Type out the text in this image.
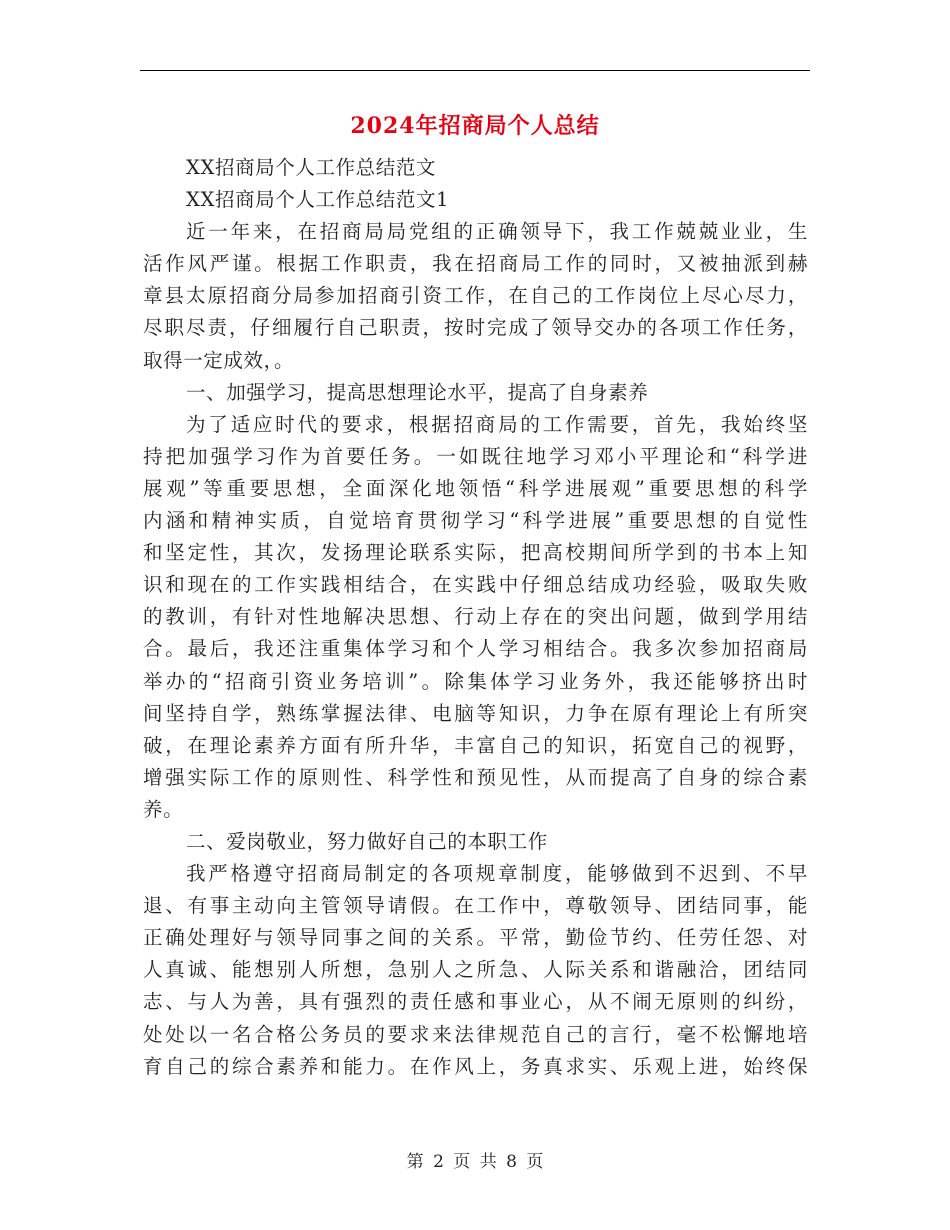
2024年招商局个人总结
XX招商局个人工作总结范文
XX招商局个人工作总结范文1
近一年来，在招商局局党组的正确领导下，我工作兢兢业业，生
活作风严谨。根据工作职责，我在招商局工作的同时，又被抽派到赫
章县太原招商分局参加招商引资工作，在自己的工作岗位上尽心尽力，
尽职尽责，仔细履行自己职责，按时完成了领导交办的各项工作任务，
取得一定成效，。
一、加强学习，提高思想理论水平，提高了自身素养
为了适应时代的要求，根据招商局的工作需要，首先，我始终坚
持把加强学习作为首要任务。一如既往地学习邓小平理论和“科学进
展观”等重要思想，全面深化地领悟“科学进展观”重要思想的科学
内涵和精神实质，自觉培育贯彻学习“科学进展”重要思想的自觉性
和坚定性，其次，发扬理论联系实际，把高校期间所学到的书本上知
识和现在的工作实践相结合，在实践中仔细总结成功经验，吸取失败
的教训，有针对性地解决思想、行动上存在的突出问题，做到学用结
合。最后，我还注重集体学习和个人学习相结合。我多次参加招商局
举办的“招商引资业务培训”。除集体学习业务外，我还能够挤出时
间坚持自学，熟练掌握法律、电脑等知识，力争在原有理论上有所突
破，在理论素养方面有所升华，丰富自己的知识，拓宽自己的视野，
增强实际工作的原则性、科学性和预见性，从而提高了自身的综合素
养。
二、爱岗敬业，努力做好自己的本职工作
我严格遵守招商局制定的各项规章制度，能够做到不迟到、不早
退、有事主动向主管领导请假。在工作中，尊敬领导、团结同事，能
正确处理好与领导同事之间的关系。平常，勤俭节约、任劳任怨、对
人真诚、能想别人所想，急别人之所急、人际关系和谐融洽，团结同
志、与人为善，具有强烈的责任感和事业心，从不闹无原则的纠纷，
处处以一名合格公务员的要求来法律规范自己的言行，毫不松懈地培
育自己的综合素养和能力。在作风上，务真求实、乐观上进，始终保
第 2 页 共 8 页
